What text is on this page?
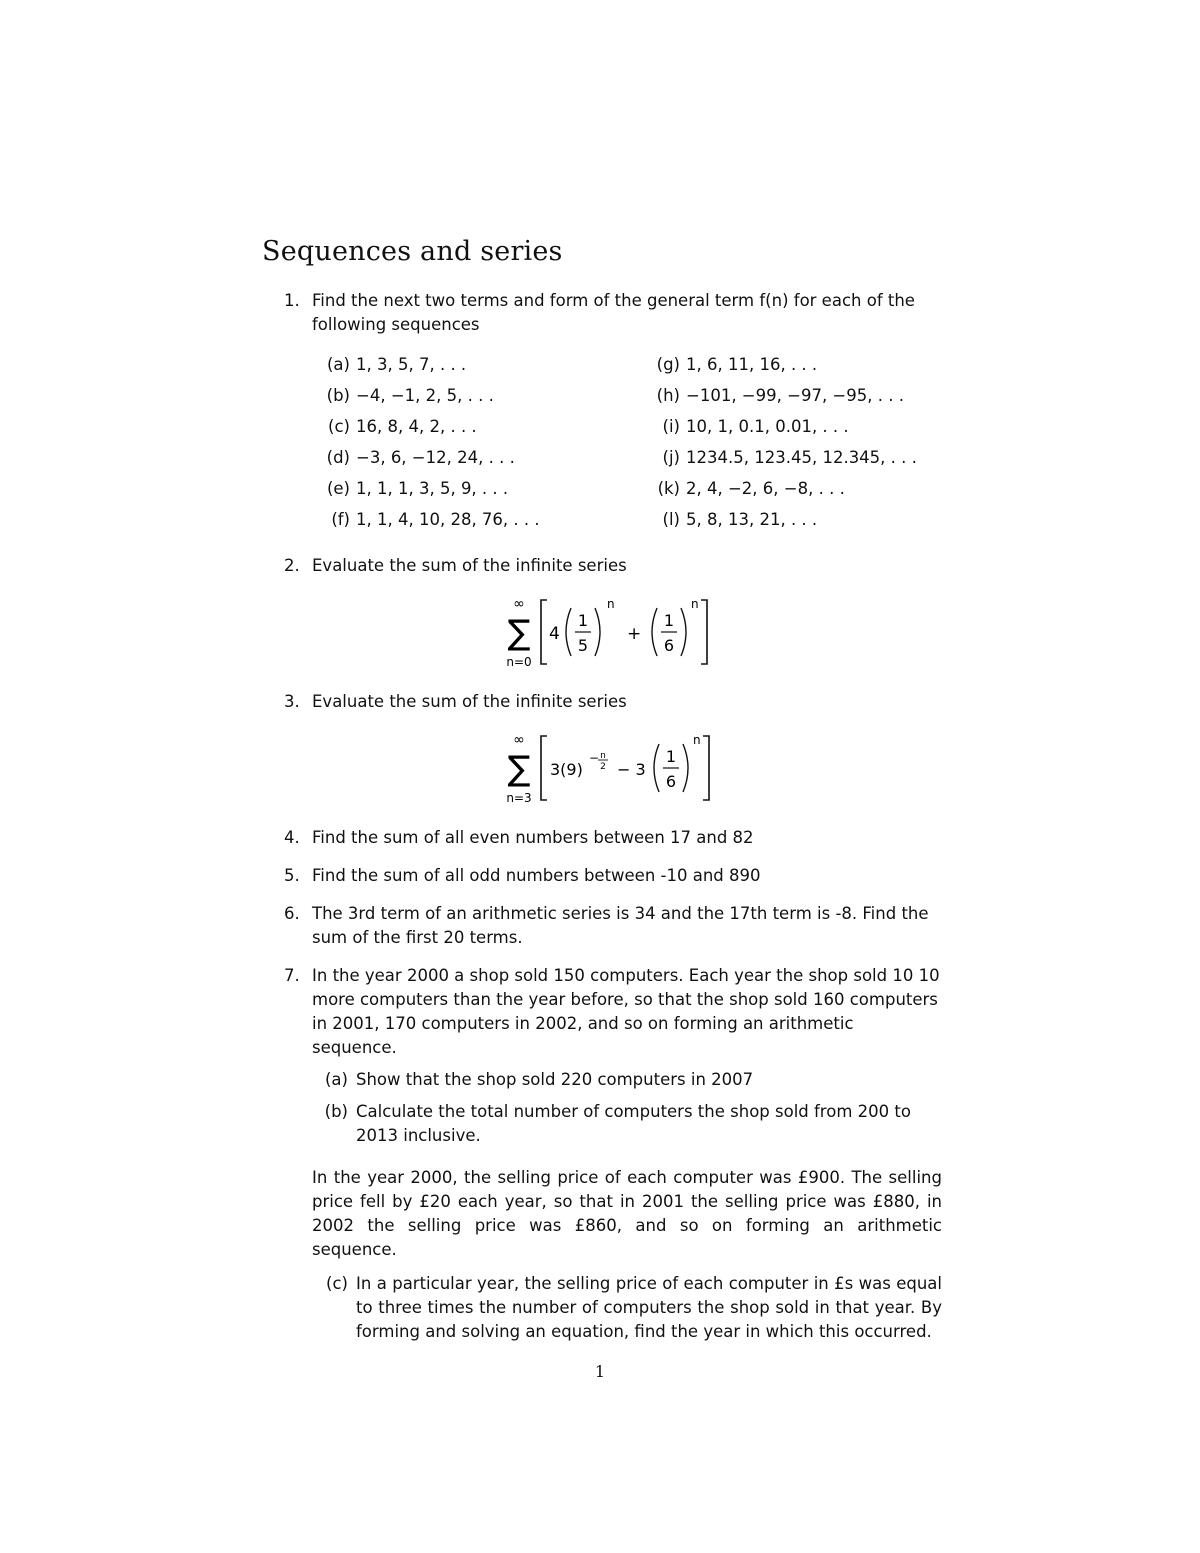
Sequences and series
1. Find the next two terms and form of the general term f(n) for each of the following sequences
(a) 1, 3, 5, 7, . . .	(g) 1, 6, 11, 16, . . .
(b) −4, −1, 2, 5, . . .	(h) −101, −99, −97, −95, . . .
(c) 16, 8, 4, 2, . . .	(i) 10, 1, 0.1, 0.01, . . .
(d) −3, 6, −12, 24, . . .	(j) 1234.5, 123.45, 12.345, . . .
(e) 1, 1, 1, 3, 5, 9, . . .	(k) 2, 4, −2, 6, −8, . . .
(f) 1, 1, 4, 10, 28, 76, . . .	(l) 5, 8, 13, 21, . . .
2. Evaluate the sum of the infinite series
∞
∑
n=0
4
1
5
n
+
1
6
n
3. Evaluate the sum of the infinite series
∞
∑
n=3
3(9)
− n
2 − 3
1
6
n
4. Find the sum of all even numbers between 17 and 82
5. Find the sum of all odd numbers between -10 and 890
6. The 3rd term of an arithmetic series is 34 and the 17th term is -8. Find the sum of the first 20 terms.
7. In the year 2000 a shop sold 150 computers. Each year the shop sold 10 10 more computers than the year before, so that the shop sold 160 computers in 2001, 170 computers in 2002, and so on forming an arithmetic sequence.
(a) Show that the shop sold 220 computers in 2007
(b) Calculate the total number of computers the shop sold from 200 to 2013 inclusive.
In the year 2000, the selling price of each computer was £900. The selling price fell by £20 each year, so that in 2001 the selling price was £880, in 2002 the selling price was £860, and so on forming an arithmetic sequence.
(c) In a particular year, the selling price of each computer in £s was equal to three times the number of computers the shop sold in that year. By forming and solving an equation, find the year in which this occurred.
1
